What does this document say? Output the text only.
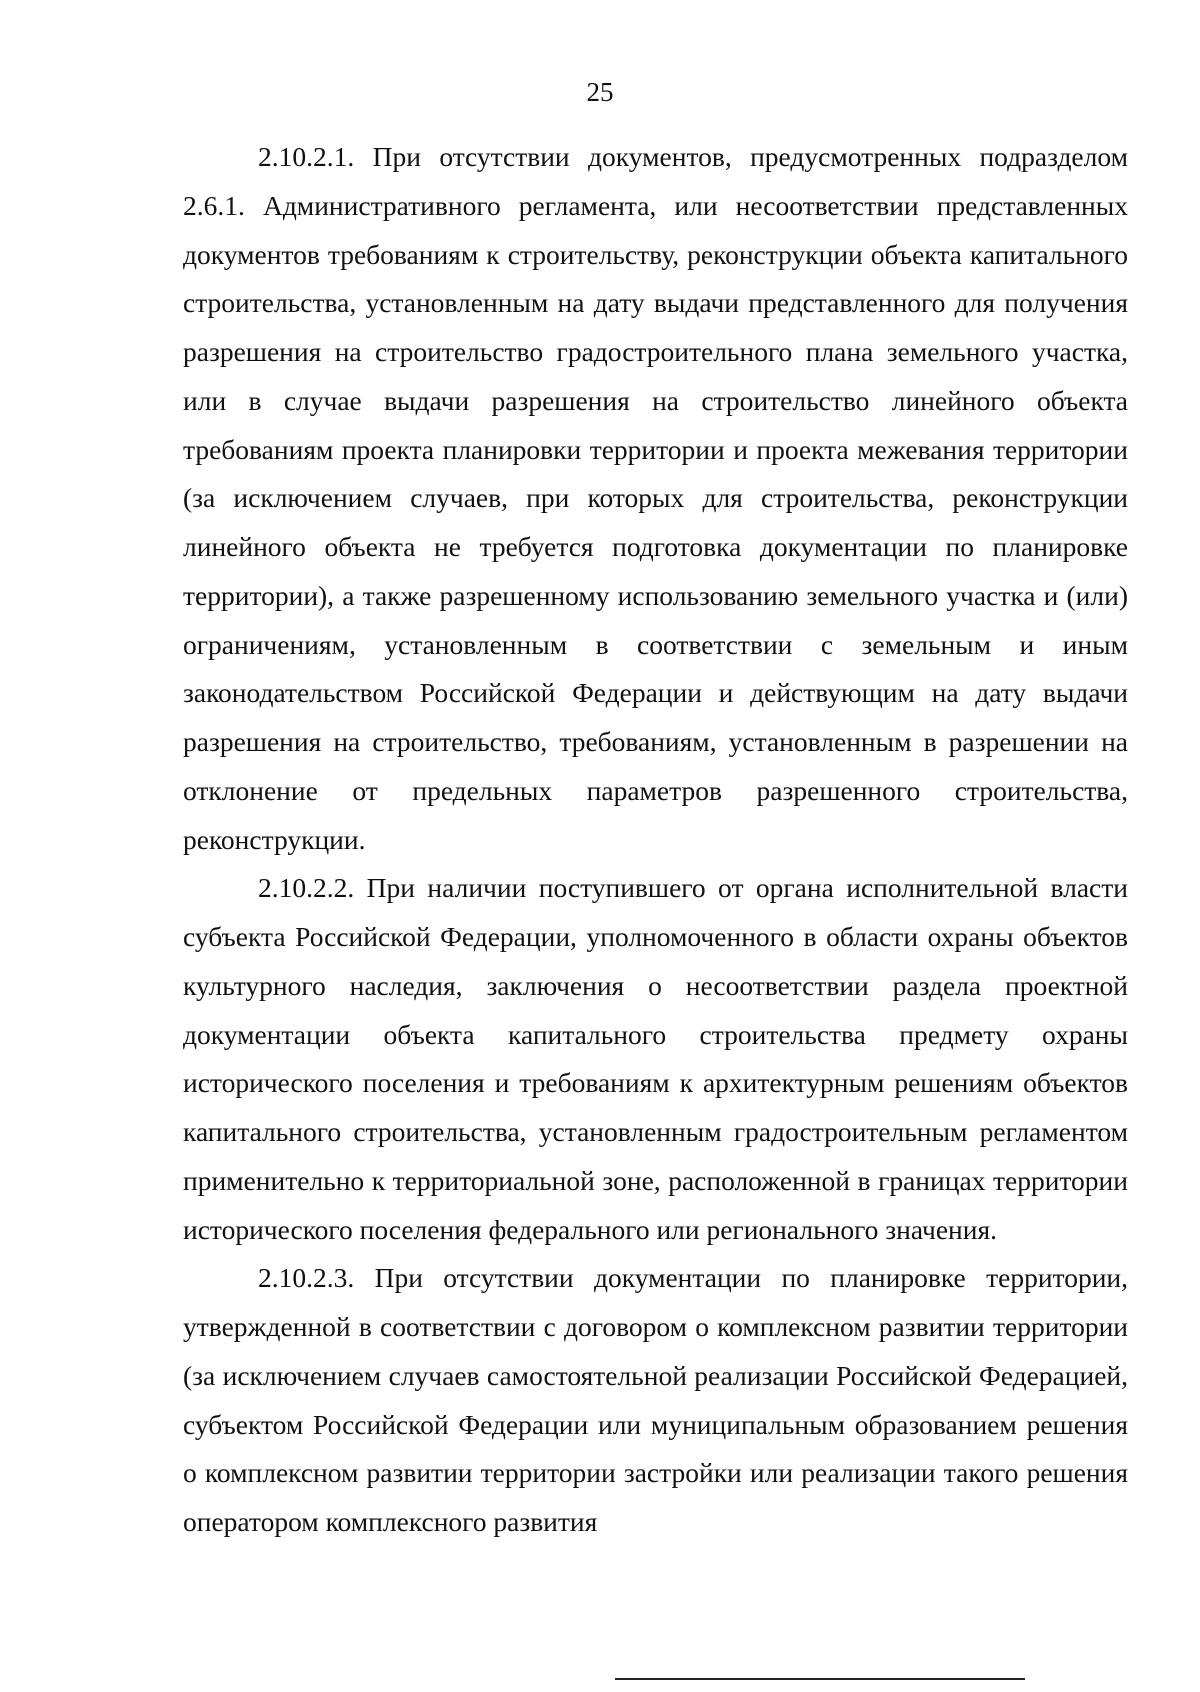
25

2.10.2.1. При отсутствии документов, предусмотренных подразделом 2.6.1. Административного регламента, или несоответствии представленных документов требованиям к строительству, реконструкции объекта капитального строительства, установленным на дату выдачи представленного для получения разрешения на строительство градостроительного плана земельного участка, или в случае выдачи разрешения на строительство линейного объекта требованиям проекта планировки территории и проекта межевания территории (за исключением случаев, при которых для строительства, реконструкции линейного объекта не требуется подготовка документации по планировке территории), а также разрешенному использованию земельного участка и (или) ограничениям, установленным в соответствии с земельным и иным законодательством Российской Федерации и действующим на дату выдачи разрешения на строительство, требованиям, установленным в разрешении на отклонение от предельных параметров разрешенного строительства, реконструкции.

2.10.2.2. При наличии поступившего от органа исполнительной власти субъекта Российской Федерации, уполномоченного в области охраны объектов культурного наследия, заключения о несоответствии раздела проектной документации объекта капитального строительства предмету охраны исторического поселения и требованиям к архитектурным решениям объектов капитального строительства, установленным градостроительным регламентом применительно к территориальной зоне, расположенной в границах территории исторического поселения федерального или регионального значения.

2.10.2.3. При отсутствии документации по планировке территории, утвержденной в соответствии с договором о комплексном развитии территории (за исключением случаев самостоятельной реализации Российской Федерацией, субъектом Российской Федерации или муниципальным образованием решения о комплексном развитии территории застройки или реализации такого решения оператором комплексного развития
